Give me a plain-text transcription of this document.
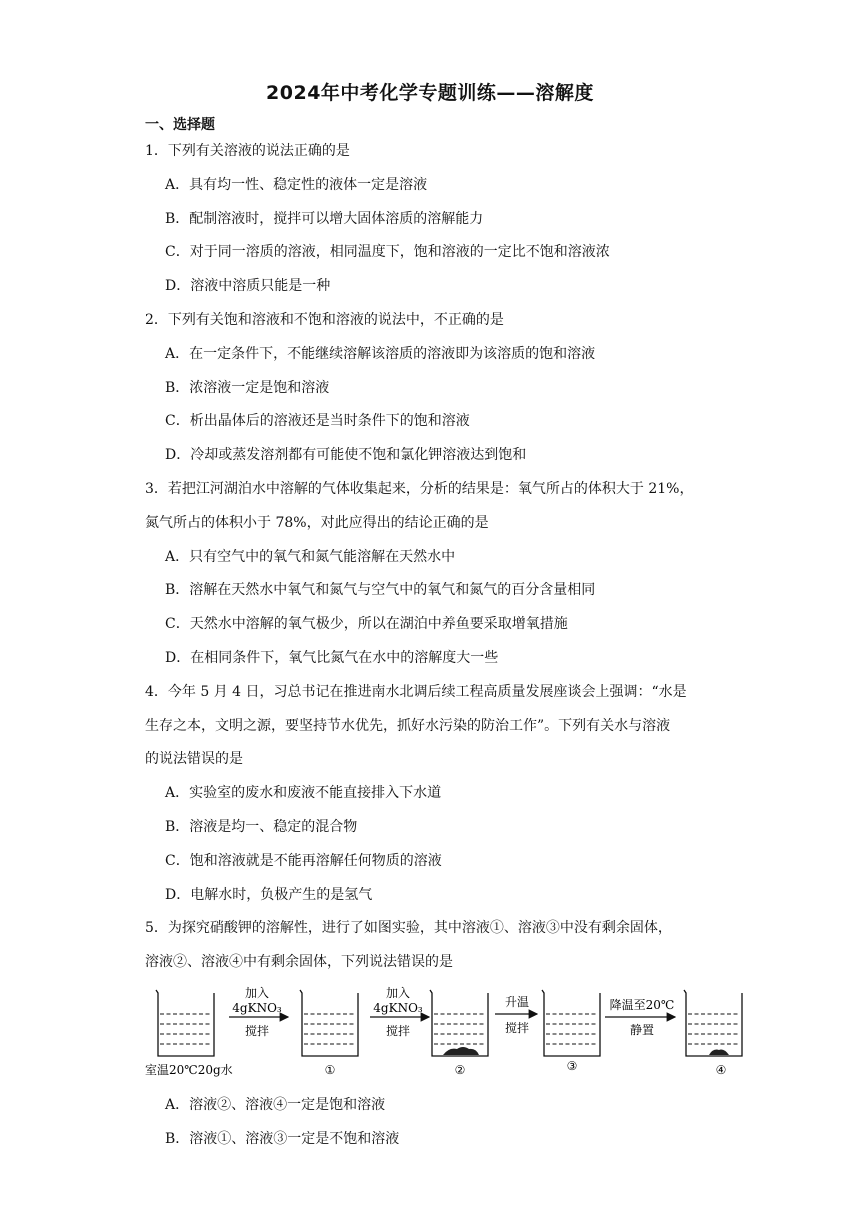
2024年中考化学专题训练——溶解度
一、选择题
1．下列有关溶液的说法正确的是
A．具有均一性、稳定性的液体一定是溶液
B．配制溶液时，搅拌可以增大固体溶质的溶解能力
C．对于同一溶质的溶液，相同温度下，饱和溶液的一定比不饱和溶液浓
D．溶液中溶质只能是一种
2．下列有关饱和溶液和不饱和溶液的说法中，不正确的是
A．在一定条件下，不能继续溶解该溶质的溶液即为该溶质的饱和溶液
B．浓溶液一定是饱和溶液
C．析出晶体后的溶液还是当时条件下的饱和溶液
D．冷却或蒸发溶剂都有可能使不饱和氯化钾溶液达到饱和
3．若把江河湖泊水中溶解的气体收集起来，分析的结果是：氧气所占的体积大于 21%，
氮气所占的体积小于 78%，对此应得出的结论正确的是
A．只有空气中的氧气和氮气能溶解在天然水中
B．溶解在天然水中氧气和氮气与空气中的氧气和氮气的百分含量相同
C．天然水中溶解的氧气极少，所以在湖泊中养鱼要采取增氧措施
D．在相同条件下，氧气比氮气在水中的溶解度大一些
4．今年 5 月 4 日，习总书记在推进南水北调后续工程高质量发展座谈会上强调：“水是
生存之本，文明之源，要坚持节水优先，抓好水污染的防治工作”。下列有关水与溶液
的说法错误的是
A．实验室的废水和废液不能直接排入下水道
B．溶液是均一、稳定的混合物
C．饱和溶液就是不能再溶解任何物质的溶液
D．电解水时，负极产生的是氢气
5．为探究硝酸钾的溶解性，进行了如图实验，其中溶液①、溶液③中没有剩余固体，
溶液②、溶液④中有剩余固体，下列说法错误的是
室温20℃20g水
加入
4gKNO₃
搅拌
①
加入
4gKNO₃
搅拌
②
升温
搅拌
③
降温至20℃
静置
④
A．溶液②、溶液④一定是饱和溶液
B．溶液①、溶液③一定是不饱和溶液
